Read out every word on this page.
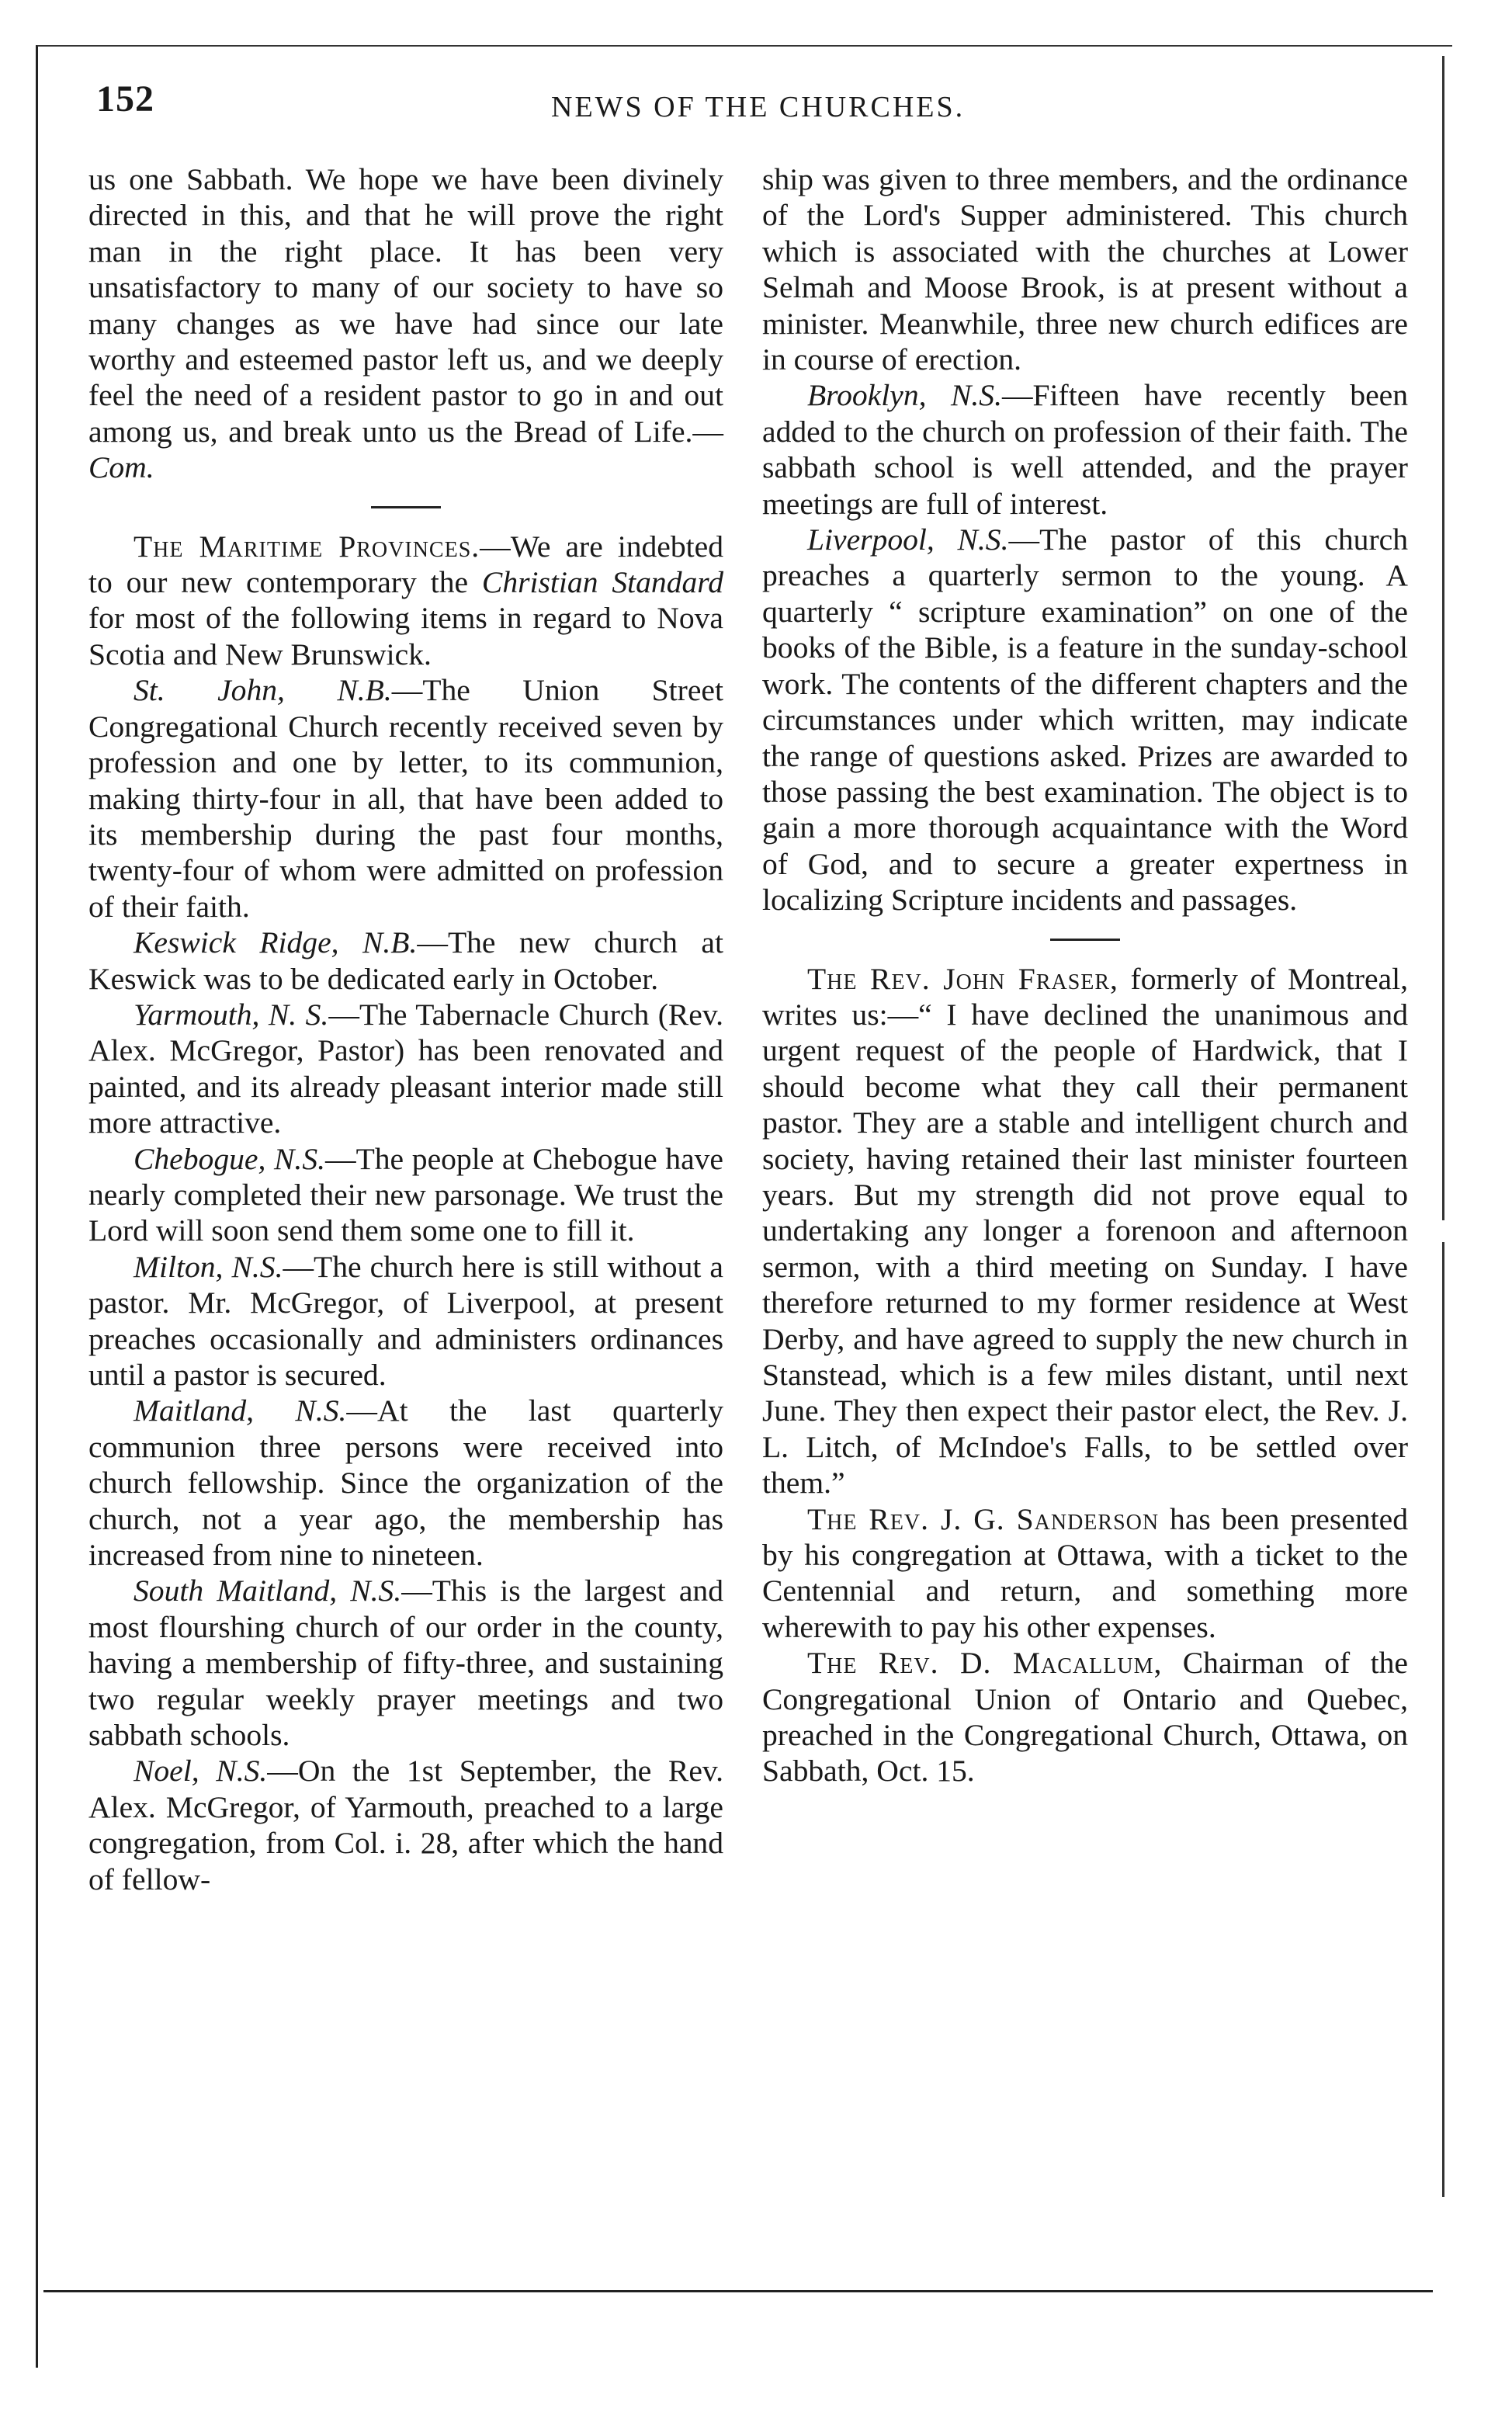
152	NEWS OF THE CHURCHES.

us one Sabbath. We hope we have been divinely directed in this, and that he will prove the right man in the right place. It has been very unsatisfactory to many of our society to have so many changes as we have had since our late worthy and esteemed pastor left us, and we deeply feel the need of a resident pastor to go in and out among us, and break unto us the Bread of Life.—Com.

The Maritime Provinces.—We are indebted to our new contemporary the Christian Standard for most of the following items in regard to Nova Scotia and New Brunswick.

St. John, N.B.—The Union Street Congregational Church recently received seven by profession and one by letter, to its communion, making thirty-four in all, that have been added to its membership during the past four months, twenty-four of whom were admitted on profession of their faith.

Keswick Ridge, N.B.—The new church at Keswick was to be dedicated early in October.

Yarmouth, N. S.—The Tabernacle Church (Rev. Alex. McGregor, Pastor) has been renovated and painted, and its already pleasant interior made still more attractive.

Chebogue, N.S.—The people at Chebogue have nearly completed their new parsonage. We trust the Lord will soon send them some one to fill it.

Milton, N.S.—The church here is still without a pastor. Mr. McGregor, of Liverpool, at present preaches occasionally and administers ordinances until a pastor is secured.

Maitland, N.S.—At the last quarterly communion three persons were received into church fellowship. Since the organization of the church, not a year ago, the membership has increased from nine to nineteen.

South Maitland, N.S.—This is the largest and most flourshing church of our order in the county, having a membership of fifty-three, and sustaining two regular weekly prayer meetings and two sabbath schools.

Noel, N.S.—On the 1st September, the Rev. Alex. McGregor, of Yarmouth, preached to a large congregation, from Col. i. 28, after which the hand of fellow-

ship was given to three members, and the ordinance of the Lord's Supper administered. This church which is associated with the churches at Lower Selmah and Moose Brook, is at present without a minister. Meanwhile, three new church edifices are in course of erection.

Brooklyn, N.S.—Fifteen have recently been added to the church on profession of their faith. The sabbath school is well attended, and the prayer meetings are full of interest.

Liverpool, N.S.—The pastor of this church preaches a quarterly sermon to the young. A quarterly “ scripture examination” on one of the books of the Bible, is a feature in the sunday-school work. The contents of the different chapters and the circumstances under which written, may indicate the range of questions asked. Prizes are awarded to those passing the best examination. The object is to gain a more thorough acquaintance with the Word of God, and to secure a greater expertness in localizing Scripture incidents and passages.

The Rev. John Fraser, formerly of Montreal, writes us:—“ I have declined the unanimous and urgent request of the people of Hardwick, that I should become what they call their permanent pastor. They are a stable and intelligent church and society, having retained their last minister fourteen years. But my strength did not prove equal to undertaking any longer a forenoon and afternoon sermon, with a third meeting on Sunday. I have therefore returned to my former residence at West Derby, and have agreed to supply the new church in Stanstead, which is a few miles distant, until next June. They then expect their pastor elect, the Rev. J. L. Litch, of McIndoe's Falls, to be settled over them.”

The Rev. J. G. Sanderson has been presented by his congregation at Ottawa, with a ticket to the Centennial and return, and something more wherewith to pay his other expenses.

The Rev. D. Macallum, Chairman of the Congregational Union of Ontario and Quebec, preached in the Congregational Church, Ottawa, on Sabbath, Oct. 15.
